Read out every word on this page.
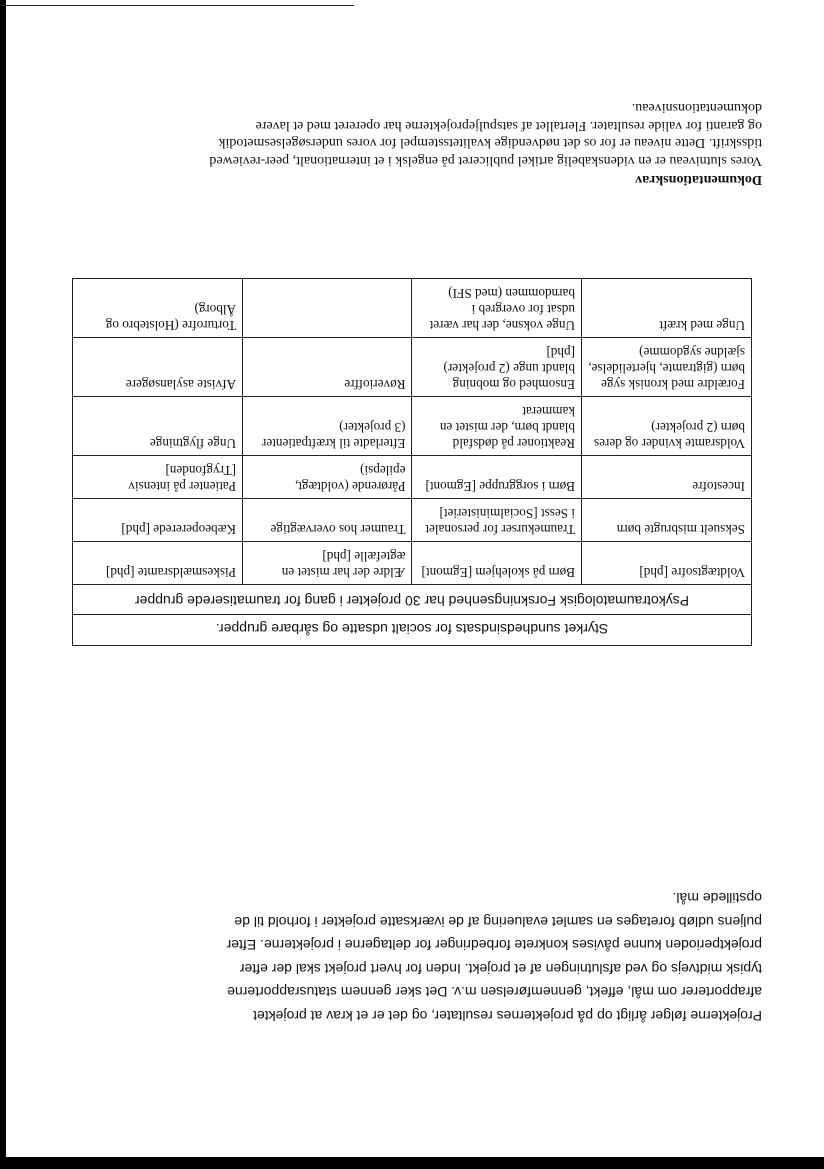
Projekterne følger årligt op på projekternes resultater, og det er et krav at projektet
afrapporterer om mål, effekt, gennemførelsen m.v. Det sker gennem statusrapporterne
typisk midtvejs og ved afslutningen af et projekt. Inden for hvert projekt skal der efter
projektperioden kunne påvises konkrete forbedringer for deltagerne i projekterne. Efter
puljens udløb foretages en samlet evaluering af de iværksatte projekter i forhold til de
opstillede mål.

Styrket sundhedsindsats for socialt udsatte og sårbare grupper.
Psykotraumatologisk Forskningsenhed har 30 projekter i gang for traumatiserede grupper
Voldtægtsofre [phd]	Børn på skolehjem [Egmont]	Ældre der har mistet en ægtefælle [phd]	Piskesmældsramte [phd]
Seksuelt misbrugte børn	Traumekurser for personalet i Sesst [Socialministeriet]	Traumer hos overvægtige	Kæbeopererede [phd]
Incestofre	Børn i sorggruppe [Egmont]	Pårørende (voldtægt, epilepsi)	Patienter på intensiv [Trygfonden]
Voldsramte kvinder og deres børn (2 projekter)	Reaktioner på dødsfald blandt børn, der mistet en kammerat	Efterladte til kræftpatienter (3 projekter)	Unge flygtninge
Forældre med kronisk syge børn (gigtramte, hjertelidelse, sjældne sygdomme)	Ensomhed og mobning blandt unge (2 projekter) [phd]	Røverioffre	Afviste asylansøgere
Unge med kræft	Unge voksne, der har været udsat for overgreb i barndommen (med SFI)		Torturofre (Holstebro og Ålborg)
Dokumentationskrav

Vores slutniveau er en videnskabelig artikel publiceret på engelsk i et internationalt, peer-reviewed
tidsskrift. Dette niveau er for os det nødvendige kvalitetsstempel for vores undersøgelsesmetodik
og garanti for valide resultater. Flertallet af satspuljeprojekterne har opereret med et lavere
dokumentationsniveau.
